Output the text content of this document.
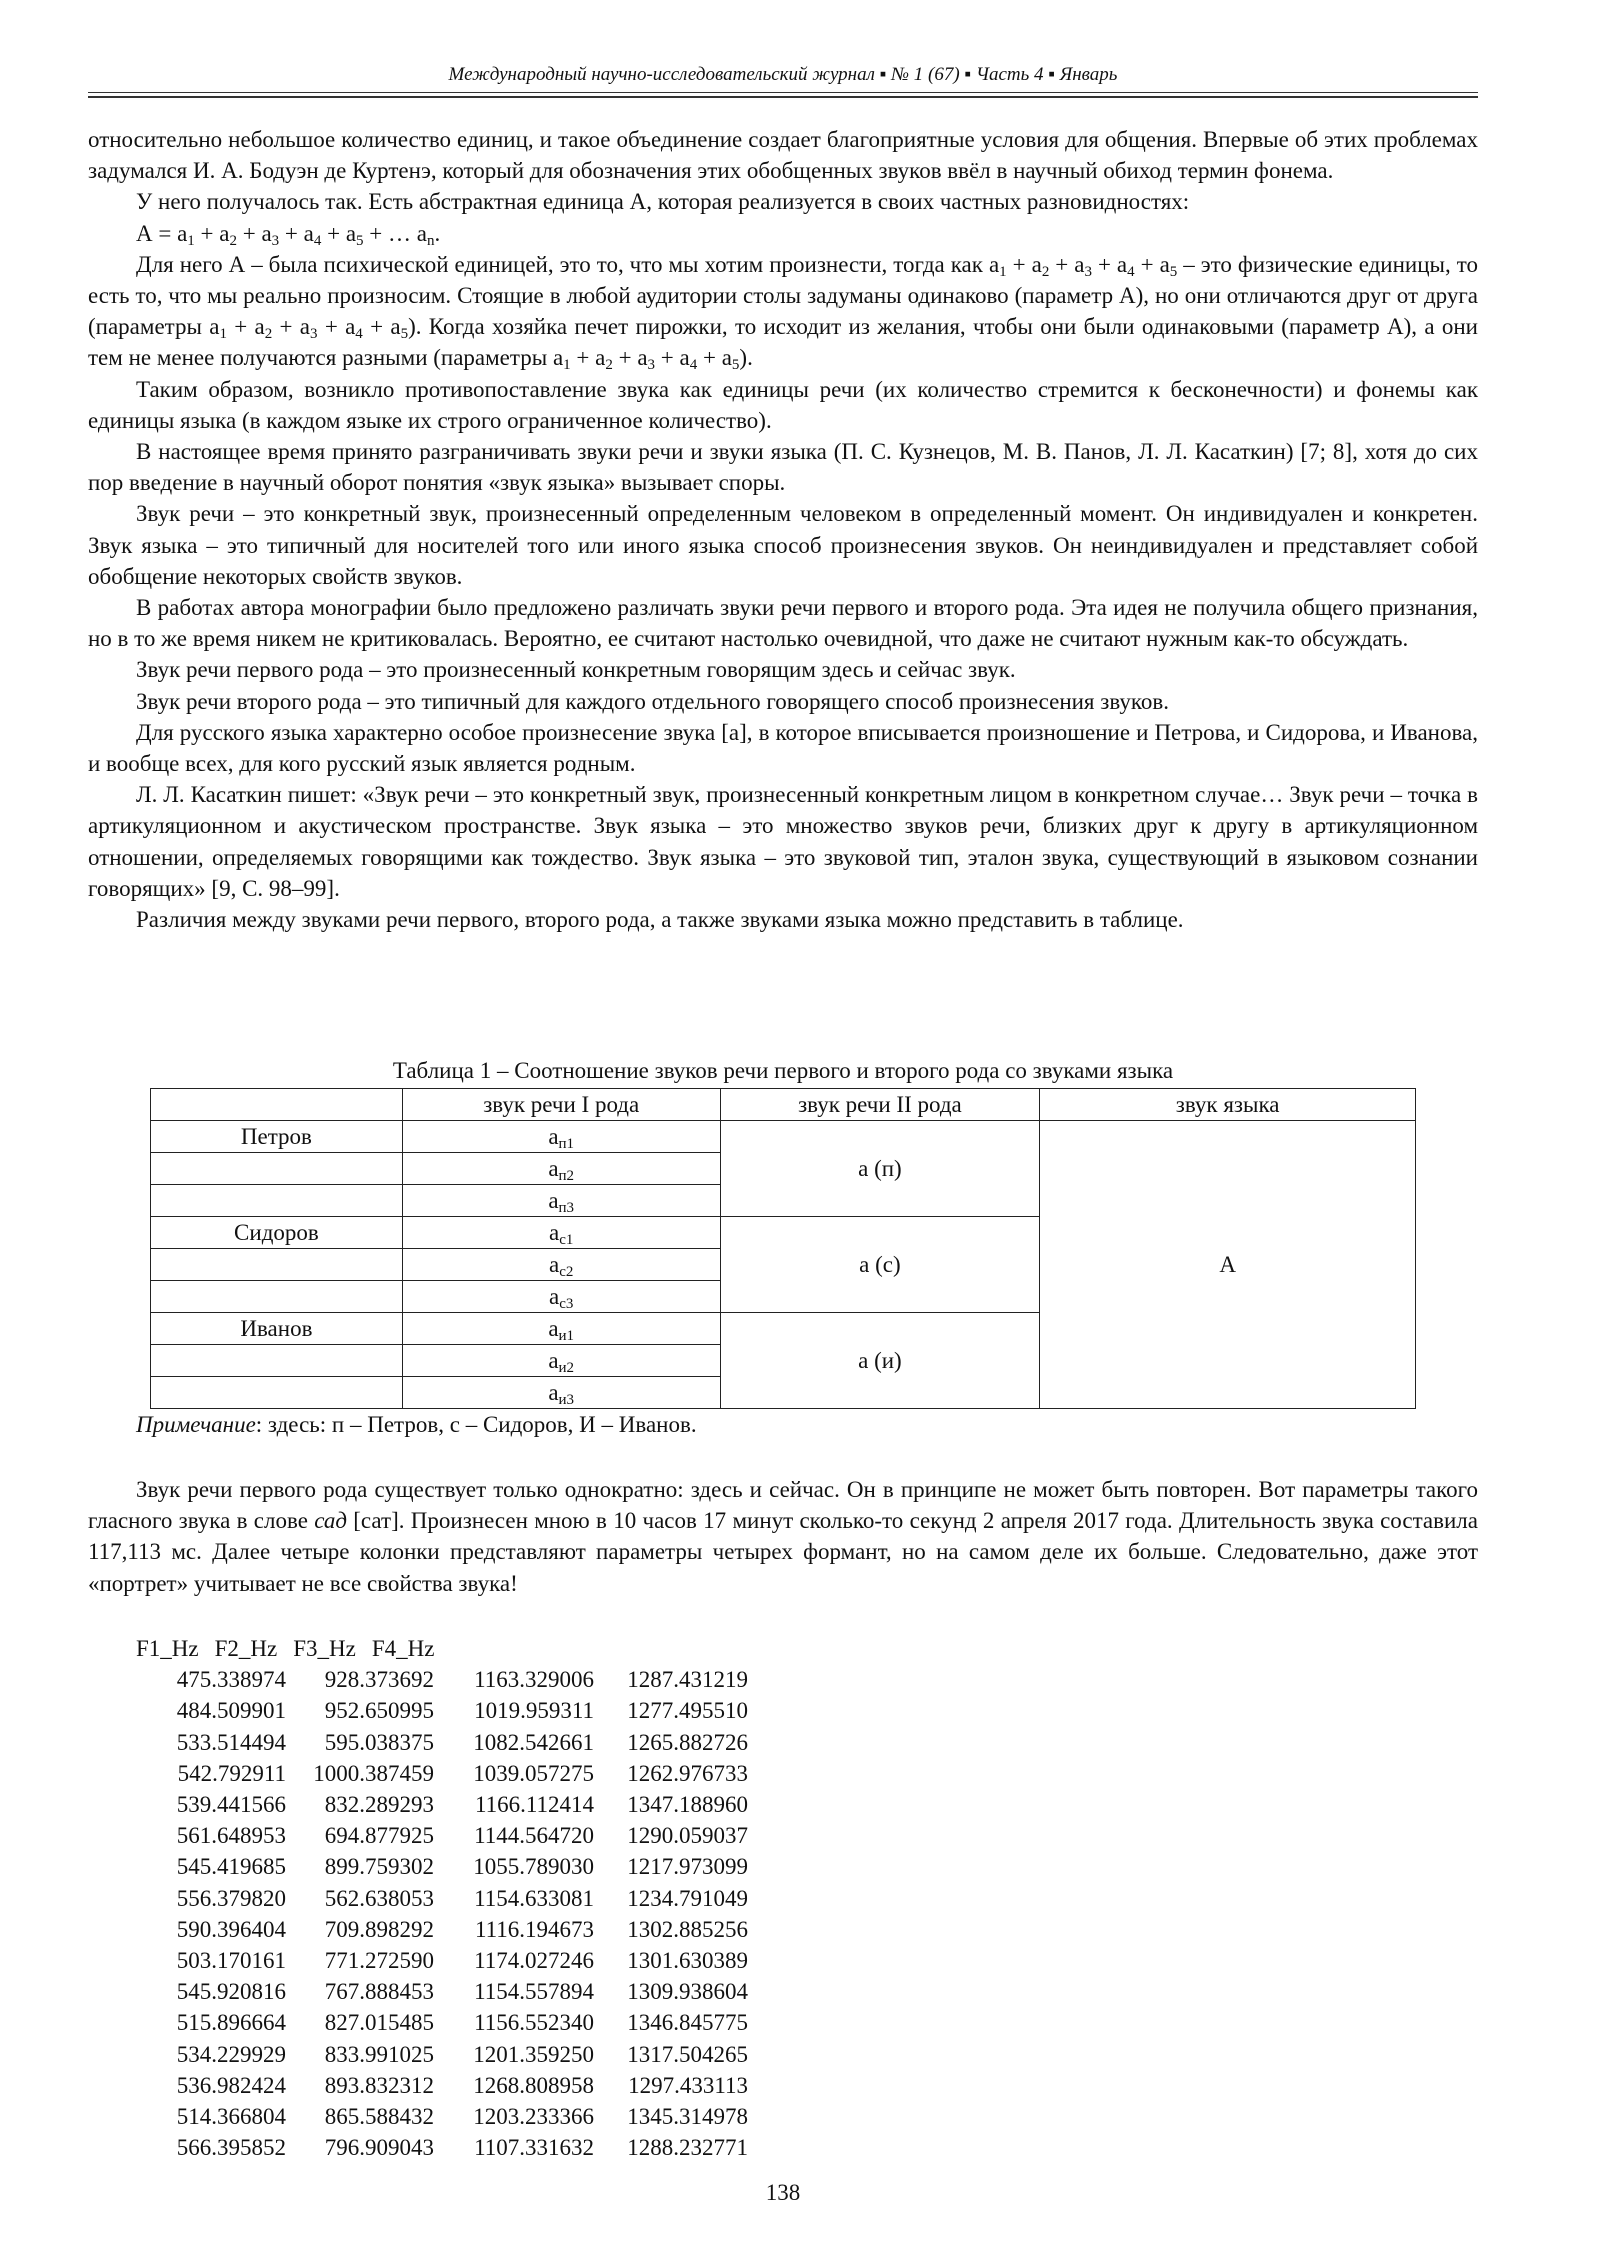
Международный научно-исследовательский журнал ▪ № 1 (67) ▪ Часть 4 ▪ Январь

относительно небольшое количество единиц, и такое объединение создает благоприятные условия для общения. Впервые об этих проблемах задумался И. А. Бодуэн де Куртенэ, который для обозначения этих обобщенных звуков ввёл в научный обиход термин фонема.

У него получалось так. Есть абстрактная единица А, которая реализуется в своих частных разновидностях:

$А = a_1 + a_2 + a_3 + a_4 + a_5$ + … $a_n$.

Для него А – была психической единицей, это то, что мы хотим произнести, тогда как $a_1 + a_2 + a_3 + a_4 + a_5$ – это физические единицы, то есть то, что мы реально произносим. Стоящие в любой аудитории столы задуманы одинаково (параметр А), но они отличаются друг от друга (параметры $a_1 + a_2 + a_3 + a_4 + a_5$). Когда хозяйка печет пирожки, то исходит из желания, чтобы они были одинаковыми (параметр А), а они тем не менее получаются разными (параметры $a_1 + a_2 + a_3 + a_4 + a_5$).

Таким образом, возникло противопоставление звука как единицы речи (их количество стремится к бесконечности) и фонемы как единицы языка (в каждом языке их строго ограниченное количество).

В настоящее время принято разграничивать звуки речи и звуки языка (П. С. Кузнецов, М. В. Панов, Л. Л. Касаткин) [7; 8], хотя до сих пор введение в научный оборот понятия «звук языка» вызывает споры.

Звук речи – это конкретный звук, произнесенный определенным человеком в определенный момент. Он индивидуален и конкретен. Звук языка – это типичный для носителей того или иного языка способ произнесения звуков. Он неиндивидуален и представляет собой обобщение некоторых свойств звуков.

В работах автора монографии было предложено различать звуки речи первого и второго рода. Эта идея не получила общего признания, но в то же время никем не критиковалась. Вероятно, ее считают настолько очевидной, что даже не считают нужным как-то обсуждать.

Звук речи первого рода – это произнесенный конкретным говорящим здесь и сейчас звук.

Звук речи второго рода – это типичный для каждого отдельного говорящего способ произнесения звуков.

Для русского языка характерно особое произнесение звука [а], в которое вписывается произношение и Петрова, и Сидорова, и Иванова, и вообще всех, для кого русский язык является родным.

Л. Л. Касаткин пишет: «Звук речи – это конкретный звук, произнесенный конкретным лицом в конкретном случае… Звук речи – точка в артикуляционном и акустическом пространстве. Звук языка – это множество звуков речи, близких друг к другу в артикуляционном отношении, определяемых говорящими как тождество. Звук языка – это звуковой тип, эталон звука, существующий в языковом сознании говорящих» [9, С. 98–99].

Различия между звуками речи первого, второго рода, а также звуками языка можно представить в таблице.

Таблица 1 – Соотношение звуков речи первого и второго рода со звуками языка
	звук речи I рода	звук речи II рода	звук языка
Петров	$а_{п1}$	а (п)	А
	$а_{п2}$
	$а_{п3}$
Сидоров	$а_{с1}$	а (с)	
	$а_{с2}$
	$а_{с3}$
Иванов	$а_{и1}$	а (и)	
	$а_{и2}$
	$а_{и3}$
Примечание: здесь: п – Петров, с – Сидоров, И – Иванов.

Звук речи первого рода существует только однократно: здесь и сейчас. Он в принципе не может быть повторен. Вот параметры такого гласного звука в слове сад [сат]. Произнесен мною в 10 часов 17 минут сколько-то секунд 2 апреля 2017 года. Длительность звука составила 117,113 мс. Далее четыре колонки представляют параметры четырех формант, но на самом деле их больше. Следовательно, даже этот «портрет» учитывает не все свойства звука!

F1_Hz F2_Hz F3_Hz F4_Hz
475.338974 928.373692 1163.329006 1287.431219
484.509901 952.650995 1019.959311 1277.495510
533.514494 595.038375 1082.542661 1265.882726
542.792911 1000.387459 1039.057275 1262.976733
539.441566 832.289293 1166.112414 1347.188960
561.648953 694.877925 1144.564720 1290.059037
545.419685 899.759302 1055.789030 1217.973099
556.379820 562.638053 1154.633081 1234.791049
590.396404 709.898292 1116.194673 1302.885256
503.170161 771.272590 1174.027246 1301.630389
545.920816 767.888453 1154.557894 1309.938604
515.896664 827.015485 1156.552340 1346.845775
534.229929 833.991025 1201.359250 1317.504265
536.982424 893.832312 1268.808958 1297.433113
514.366804 865.588432 1203.233366 1345.314978
566.395852 796.909043 1107.331632 1288.232771
138
